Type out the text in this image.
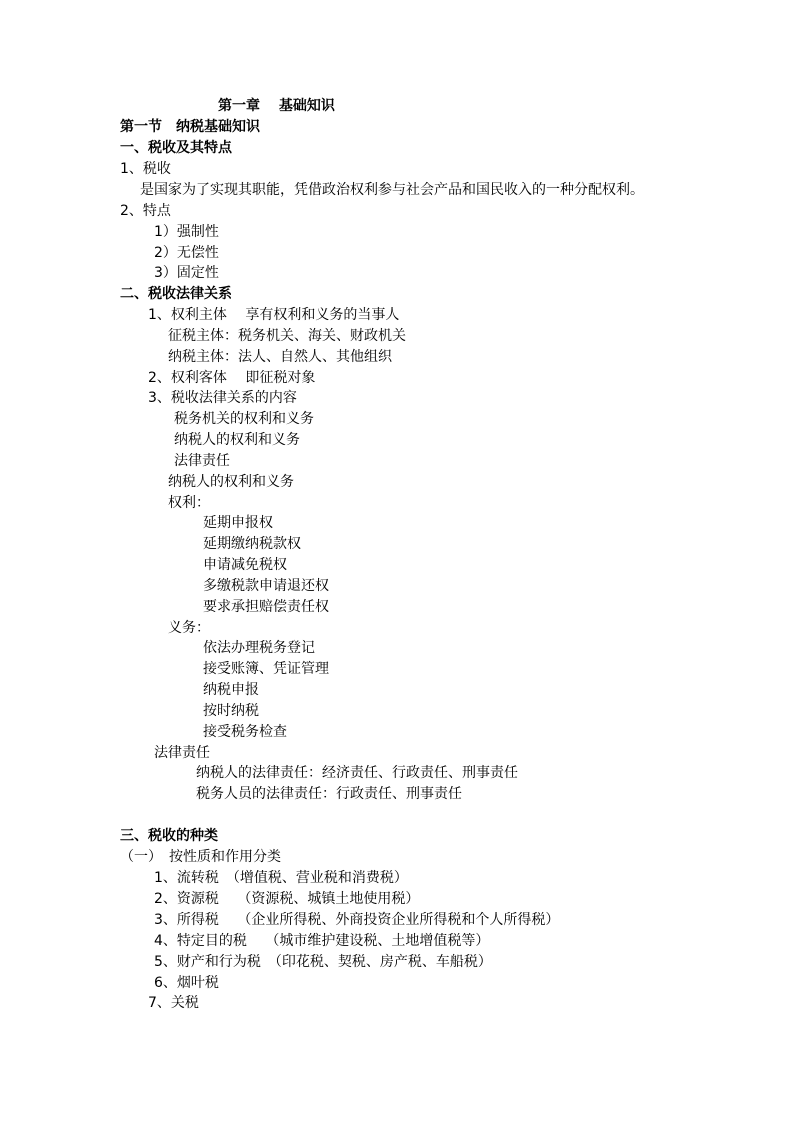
第一章　 基础知识
第一节　纳税基础知识
一、税收及其特点
1、税收
是国家为了实现其职能，凭借政治权利参与社会产品和国民收入的一种分配权利。
2、特点
1）强制性
2）无偿性
3）固定性
二、税收法律关系
1、权利主体　 享有权利和义务的当事人
征税主体：税务机关、海关、财政机关
纳税主体：法人、自然人、其他组织
2、权利客体　 即征税对象
3、税收法律关系的内容
税务机关的权利和义务
纳税人的权利和义务
法律责任
纳税人的权利和义务
权利：
延期申报权
延期缴纳税款权
申请减免税权
多缴税款申请退还权
要求承担赔偿责任权
义务：
依法办理税务登记
接受账簿、凭证管理
纳税申报
按时纳税
接受税务检查
法律责任
纳税人的法律责任：经济责任、行政责任、刑事责任
税务人员的法律责任：行政责任、刑事责任
三、税收的种类
（一）　按性质和作用分类
1、流转税　（增值税、营业税和消费税）
2、资源税　 （资源税、城镇土地使用税）
3、所得税　 （企业所得税、外商投资企业所得税和个人所得税）
4、特定目的税　 （城市维护建设税、土地增值税等）
5、财产和行为税　（印花税、契税、房产税、车船税）
6、烟叶税
7、关税
